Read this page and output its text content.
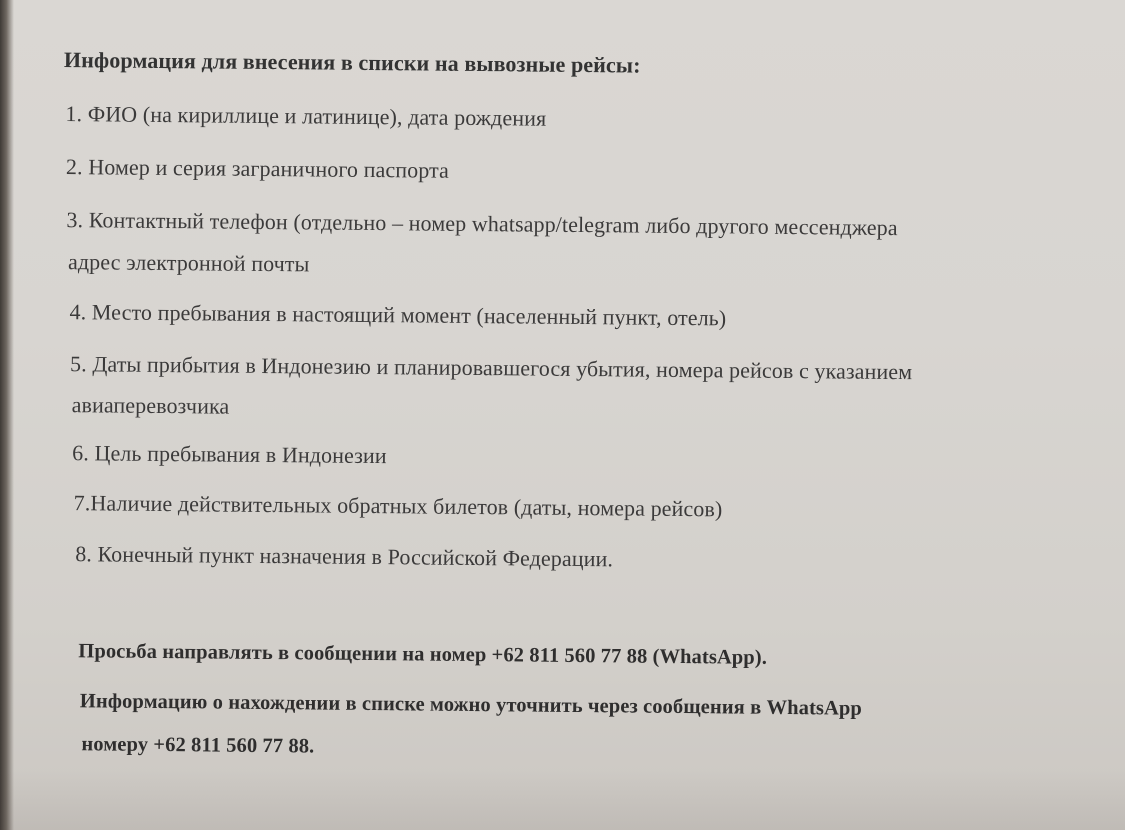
Информация для внесения в списки на вывозные рейсы:
1. ФИО (на кириллице и латинице), дата рождения
2. Номер и серия заграничного паспорта
3. Контактный телефон (отдельно – номер whatsapp/telegram либо другого мессенджера
адрес электронной почты
4. Место пребывания в настоящий момент (населенный пункт, отель)
5. Даты прибытия в Индонезию и планировавшегося убытия, номера рейсов с указанием
авиаперевозчика
6. Цель пребывания в Индонезии
7.Наличие действительных обратных билетов (даты, номера рейсов)
8. Конечный пункт назначения в Российской Федерации.
Просьба направлять в сообщении на номер +62 811 560 77 88 (WhatsApp).
Информацию о нахождении в списке можно уточнить через сообщения в WhatsApp
номеру +62 811 560 77 88.
